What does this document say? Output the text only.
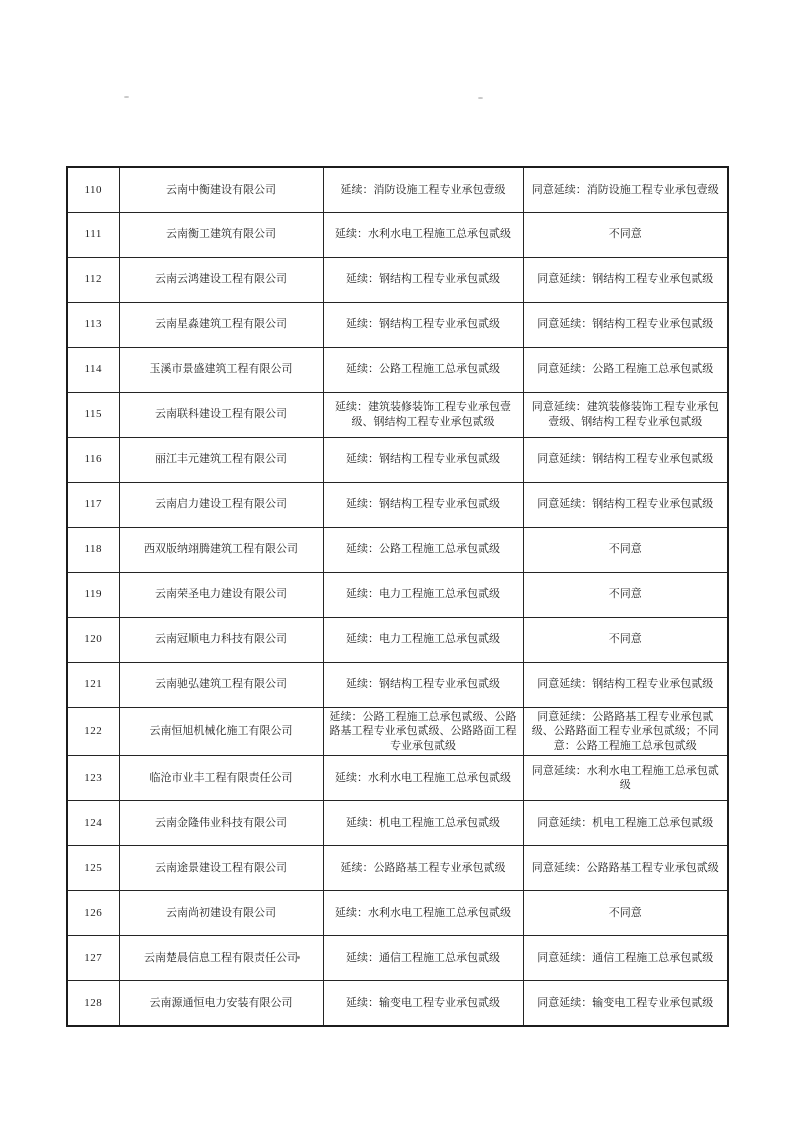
110	云南中衡建设有限公司	延续：消防设施工程专业承包壹级	同意延续：消防设施工程专业承包壹级
111	云南衡工建筑有限公司	延续：水利水电工程施工总承包贰级	不同意
112	云南云鸿建设工程有限公司	延续：钢结构工程专业承包贰级	同意延续：钢结构工程专业承包贰级
113	云南星淼建筑工程有限公司	延续：钢结构工程专业承包贰级	同意延续：钢结构工程专业承包贰级
114	玉溪市景盛建筑工程有限公司	延续：公路工程施工总承包贰级	同意延续：公路工程施工总承包贰级
115	云南联科建设工程有限公司	延续：建筑装修装饰工程专业承包壹级、钢结构工程专业承包贰级	同意延续：建筑装修装饰工程专业承包壹级、钢结构工程专业承包贰级
116	丽江丰元建筑工程有限公司	延续：钢结构工程专业承包贰级	同意延续：钢结构工程专业承包贰级
117	云南启力建设工程有限公司	延续：钢结构工程专业承包贰级	同意延续：钢结构工程专业承包贰级
118	西双版纳翊腾建筑工程有限公司	延续：公路工程施工总承包贰级	不同意
119	云南荣圣电力建设有限公司	延续：电力工程施工总承包贰级	不同意
120	云南冠顺电力科技有限公司	延续：电力工程施工总承包贰级	不同意
121	云南驰弘建筑工程有限公司	延续：钢结构工程专业承包贰级	同意延续：钢结构工程专业承包贰级
122	云南恒旭机械化施工有限公司	延续：公路工程施工总承包贰级、公路路基工程专业承包贰级、公路路面工程专业承包贰级	同意延续：公路路基工程专业承包贰级、公路路面工程专业承包贰级；不同意：公路工程施工总承包贰级
123	临沧市业丰工程有限责任公司	延续：水利水电工程施工总承包贰级	同意延续：水利水电工程施工总承包贰级
124	云南金隆伟业科技有限公司	延续：机电工程施工总承包贰级	同意延续：机电工程施工总承包贰级
125	云南途景建设工程有限公司	延续：公路路基工程专业承包贰级	同意延续：公路路基工程专业承包贰级
126	云南尚初建设有限公司	延续：水利水电工程施工总承包贰级	不同意
127	云南楚晨信息工程有限责任公司	延续：通信工程施工总承包贰级	同意延续：通信工程施工总承包贰级
128	云南源通恒电力安装有限公司	延续：输变电工程专业承包贰级	同意延续：输变电工程专业承包贰级
